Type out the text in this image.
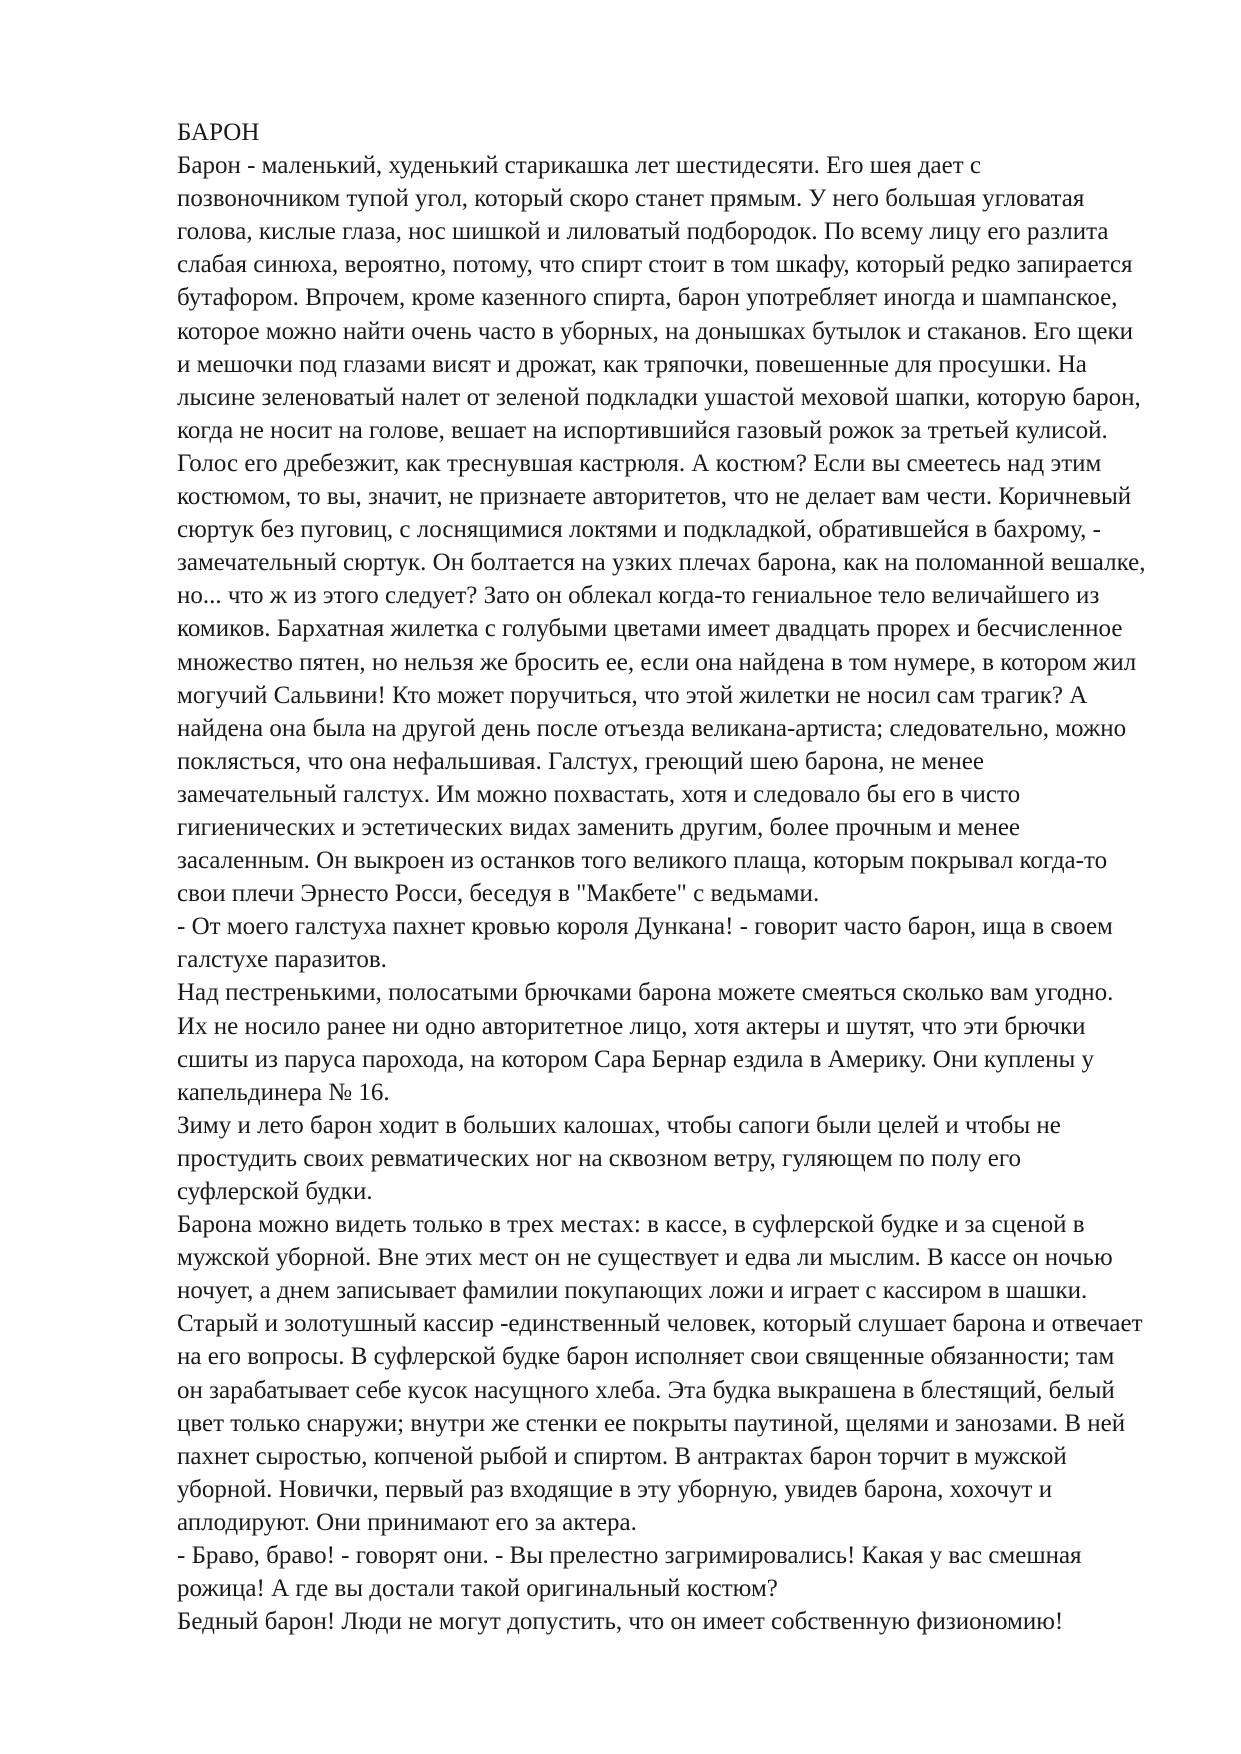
БАРОН
Барон - маленький, худенький старикашка лет шестидесяти. Его шея дает с
позвоночником тупой угол, который скоро станет прямым. У него большая угловатая
голова, кислые глаза, нос шишкой и лиловатый подбородок. По всему лицу его разлита
слабая синюха, вероятно, потому, что спирт стоит в том шкафу, который редко запирается
бутафором. Впрочем, кроме казенного спирта, барон употребляет иногда и шампанское,
которое можно найти очень часто в уборных, на донышках бутылок и стаканов. Его щеки
и мешочки под глазами висят и дрожат, как тряпочки, повешенные для просушки. На
лысине зеленоватый налет от зеленой подкладки ушастой меховой шапки, которую барон,
когда не носит на голове, вешает на испортившийся газовый рожок за третьей кулисой.
Голос его дребезжит, как треснувшая кастрюля. А костюм? Если вы смеетесь над этим
костюмом, то вы, значит, не признаете авторитетов, что не делает вам чести. Коричневый
сюртук без пуговиц, с лоснящимися локтями и подкладкой, обратившейся в бахрому, -
замечательный сюртук. Он болтается на узких плечах барона, как на поломанной вешалке,
но... что ж из этого следует? Зато он облекал когда-то гениальное тело величайшего из
комиков. Бархатная жилетка с голубыми цветами имеет двадцать прорех и бесчисленное
множество пятен, но нельзя же бросить ее, если она найдена в том нумере, в котором жил
могучий Сальвини! Кто может поручиться, что этой жилетки не носил сам трагик? А
найдена она была на другой день после отъезда великана-артиста; следовательно, можно
поклясться, что она нефальшивая. Галстух, греющий шею барона, не менее
замечательный галстух. Им можно похвастать, хотя и следовало бы его в чисто
гигиенических и эстетических видах заменить другим, более прочным и менее
засаленным. Он выкроен из останков того великого плаща, которым покрывал когда-то
свои плечи Эрнесто Росси, беседуя в "Макбете" с ведьмами.
- От моего галстуха пахнет кровью короля Дункана! - говорит часто барон, ища в своем
галстухе паразитов.
Над пестренькими, полосатыми брючками барона можете смеяться сколько вам угодно.
Их не носило ранее ни одно авторитетное лицо, хотя актеры и шутят, что эти брючки
сшиты из паруса парохода, на котором Сара Бернар ездила в Америку. Они куплены у
капельдинера № 16.
Зиму и лето барон ходит в больших калошах, чтобы сапоги были целей и чтобы не
простудить своих ревматических ног на сквозном ветру, гуляющем по полу его
суфлерской будки.
Барона можно видеть только в трех местах: в кассе, в суфлерской будке и за сценой в
мужской уборной. Вне этих мест он не существует и едва ли мыслим. В кассе он ночью
ночует, а днем записывает фамилии покупающих ложи и играет с кассиром в шашки.
Старый и золотушный кассир -единственный человек, который слушает барона и отвечает
на его вопросы. В суфлерской будке барон исполняет свои священные обязанности; там
он зарабатывает себе кусок насущного хлеба. Эта будка выкрашена в блестящий, белый
цвет только снаружи; внутри же стенки ее покрыты паутиной, щелями и занозами. В ней
пахнет сыростью, копченой рыбой и спиртом. В антрактах барон торчит в мужской
уборной. Новички, первый раз входящие в эту уборную, увидев барона, хохочут и
аплодируют. Они принимают его за актера.
- Браво, браво! - говорят они. - Вы прелестно загримировались! Какая у вас смешная
рожица! А где вы достали такой оригинальный костюм?
Бедный барон! Люди не могут допустить, что он имеет собственную физиономию!
